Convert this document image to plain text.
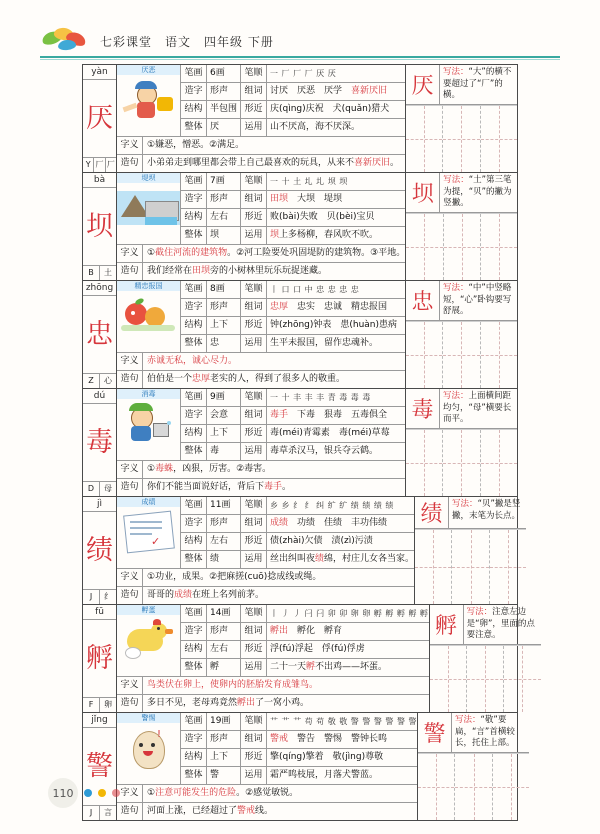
七彩课堂　语文　四年级 下册
yàn
厌
Y 厂 厂
厌恶	笔画 6画	笔顺 一 厂 厂 厂 厌 厌
造字 形声	组词 讨厌　厌恶　厌学　喜新厌旧
结构 半包围 形近 庆(qìng)庆祝　犬(quǎn)猎犬
整体 厌	运用 山不厌高，海不厌深。
字义 ①嫌恶，憎恶。②满足。
造句 小弟弟走到哪里都会带上自己最喜欢的玩具，从来不喜新厌旧。
厌
写法：“大”的横不要超过了“厂”的横。
bà
坝
B	土
堤坝	笔画 7画	笔顺 一 十 土 圠 圠 坝 坝
造字 形声	组词 田坝　大坝　堤坝
结构 左右	形近 败(bài)失败　贝(bèi)宝贝
整体 坝	运用 坝上多杨柳，春风吹不吹。
字义 ①截住河流的建筑物。②河工险要处巩固堤防的建筑物。③平地。
造句 我们经常在田坝旁的小树林里玩乐玩捉迷藏。
坝
写法：“土”第三笔为提，“贝”的撇为竖撇。
zhōng
忠
Z	心
精忠报国	笔画 8画	笔顺 丨 口 口 中 忠 忠 忠 忠
造字 形声	组词 忠厚　忠实　忠诚　精忠报国
结构 上下	形近 钟(zhōng)钟表　患(huàn)患病
整体 忠	运用 生平未报国，留作忠魂补。
字义 赤诚无私，诚心尽力。
造句 伯伯是一个忠厚老实的人，得到了很多人的敬重。
忠
写法：“中”中竖略短，“心”卧钩要写舒展。
dú
毒
D	母
消毒	笔画 9画	笔顺 一 十 丰 丰 丰 青 毒 毒 毒
造字 会意	组词 毒手　下毒　狠毒　五毒俱全
结构 上下	形近 毒(méi)青霉素　毒(méi)草莓
整体 毒	运用 毒草杀汉马，银兵夺云鹤。
字义 ①毒蛛，凶狠，厉害。②毒害。
造句 你们不能当面说好话，背后下毒手。
毒
写法：上面横间距均匀，“母”横要长而平。
jì
绩
J	纟
成绩
✓
笔画 11画	笔顺 乡 乡 纟 纟 纠 纩 纩 绩 绩 绩 绩
造字 形声	组词 成绩　功绩　佳绩　丰功伟绩
结构 左右	形近 债(zhài)欠债　渍(zì)污渍
整体 绩	运用 丝出纠叫夜绩绵，村庄儿女各当家。
字义 ①功业，成果。②把麻搓(cuō)捻成线或绳。
造句 哥哥的成绩在班上名列前茅。
绩	写法：“贝”撇是竖撇，末笔为长点。
fū
孵
F	卵
孵蛋	笔画 14画	笔顺 丨 丿 丿 闩 闩 卯 卯 卵 卵 孵 孵 孵 孵 孵
造字 形声	组词 孵出　孵化　孵育
结构 左右	形近 浮(fú)浮起　俘(fú)俘虏
整体 孵	运用 二十一天孵不出鸡——坏蛋。
字义 鸟类伏在卵上，使卵内的胚胎发育成雏鸟。
造句 多日不见，老母鸡竟然孵出了一窝小鸡。
孵
写法：注意左边是“卵”，里面的点要注意。
jǐng
警
J	言
警惕
!
笔画 19画	笔顺 艹 艹 艹 苟 苟 敬 敬 警 警 警 警 警 警
造字 形声	组词 警戒　警告　警惕　警钟长鸣
结构 上下	形近 擎(qíng)擎着　敬(jìng)尊敬
整体 警	运用 霜严鸣枝展，月落犬警蓝。
字义 ①注意可能发生的危险。②感觉敏锐。
造句 河面上涨，已经超过了警戒线。
警
写法：“敬”要扁，“言”首横较长，托住上部。
110
